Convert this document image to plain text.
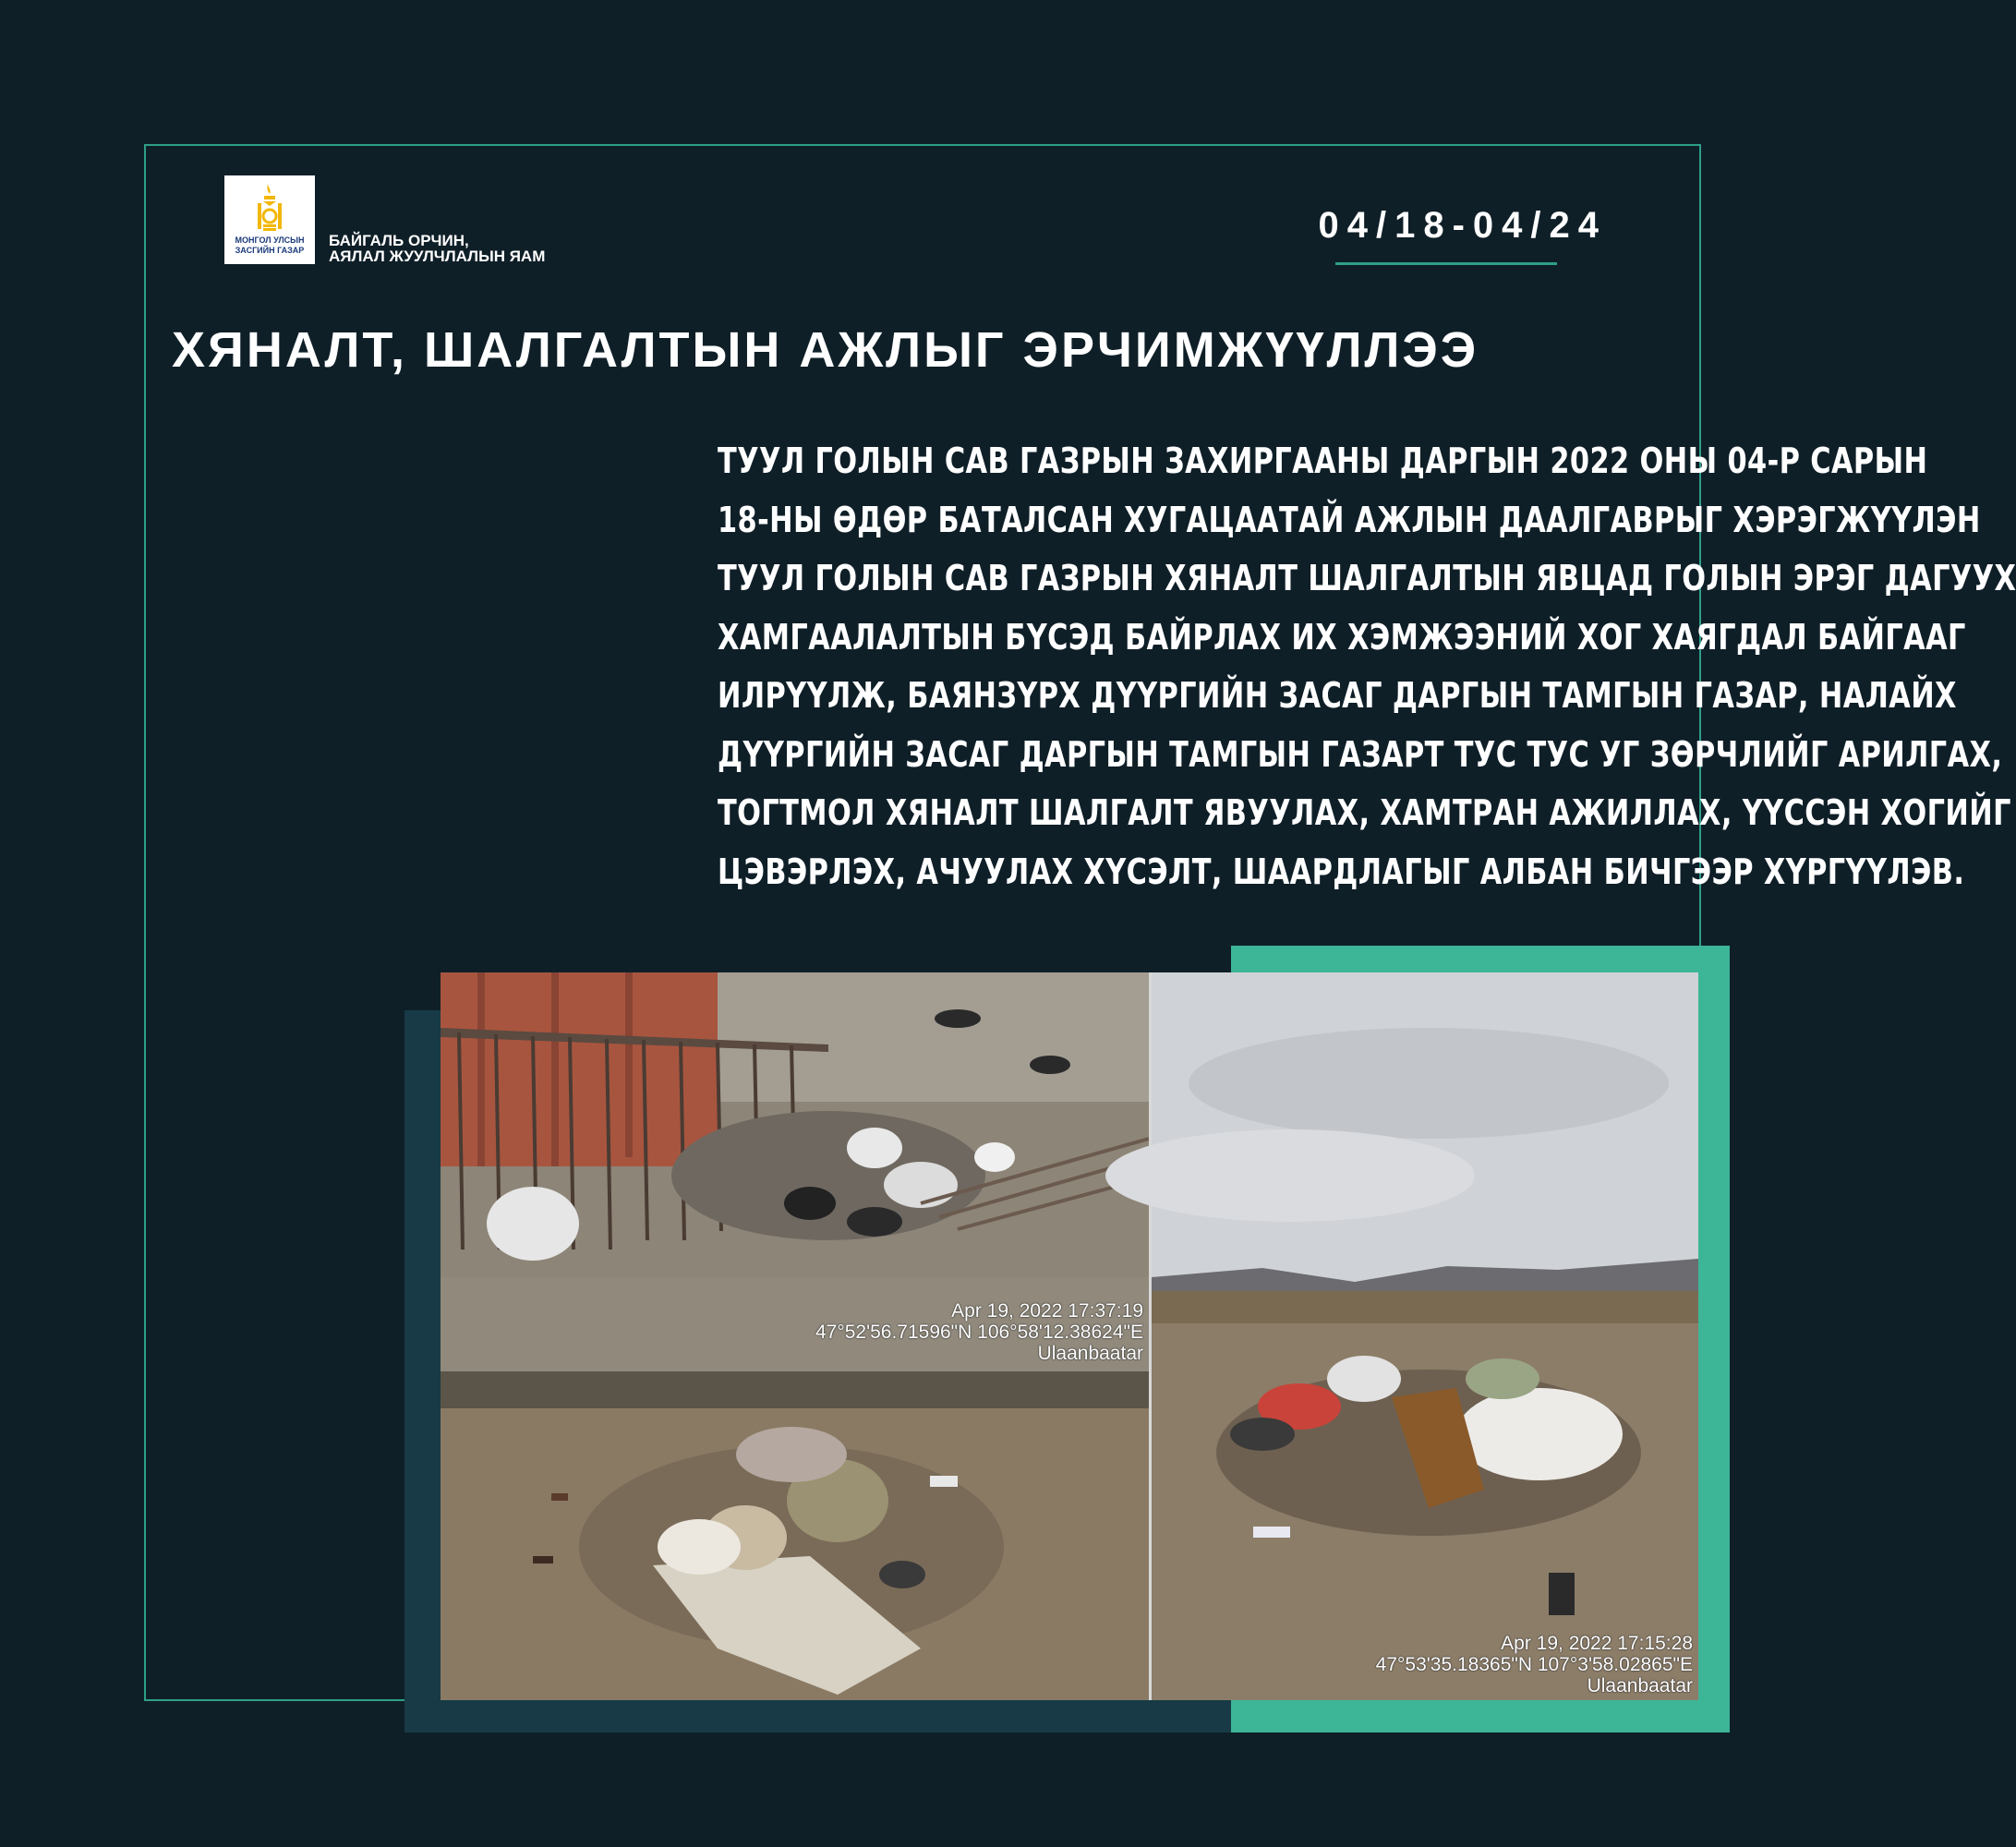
МОНГОЛ УЛСЫН
ЗАСГИЙН ГАЗАР
БАЙГАЛЬ ОРЧИН,
АЯЛАЛ ЖУУЛЧЛАЛЫН ЯАМ
04/18-04/24
ХЯНАЛТ, ШАЛГАЛТЫН АЖЛЫГ ЭРЧИМЖҮҮЛЛЭЭ
ТУУЛ ГОЛЫН САВ ГАЗРЫН ЗАХИРГААНЫ ДАРГЫН 2022 ОНЫ 04-Р САРЫН
18-НЫ ӨДӨР БАТАЛСАН ХУГАЦААТАЙ АЖЛЫН ДААЛГАВРЫГ ХЭРЭГЖҮҮЛЭН
ТУУЛ ГОЛЫН САВ ГАЗРЫН ХЯНАЛТ ШАЛГАЛТЫН ЯВЦАД ГОЛЫН ЭРЭГ ДАГУУХ
ХАМГААЛАЛТЫН БҮСЭД БАЙРЛАХ ИХ ХЭМЖЭЭНИЙ ХОГ ХАЯГДАЛ БАЙГААГ
ИЛРҮҮЛЖ, БАЯНЗҮРХ ДҮҮРГИЙН ЗАСАГ ДАРГЫН ТАМГЫН ГАЗАР, НАЛАЙХ
ДҮҮРГИЙН ЗАСАГ ДАРГЫН ТАМГЫН ГАЗАРТ ТУС ТУС УГ ЗӨРЧЛИЙГ АРИЛГАХ,
ТОГТМОЛ ХЯНАЛТ ШАЛГАЛТ ЯВУУЛАХ, ХАМТРАН АЖИЛЛАХ, ҮҮССЭН ХОГИЙГ
ЦЭВЭРЛЭХ, АЧУУЛАХ ХҮСЭЛТ, ШААРДЛАГЫГ АЛБАН БИЧГЭЭР ХҮРГҮҮЛЭВ.
Apr 19, 2022 17:37:19
47°52'56.71596"N 106°58'12.38624"E
Ulaanbaatar
Apr 19, 2022 17:15:28
47°53'35.18365"N 107°3'58.02865"E
Ulaanbaatar
